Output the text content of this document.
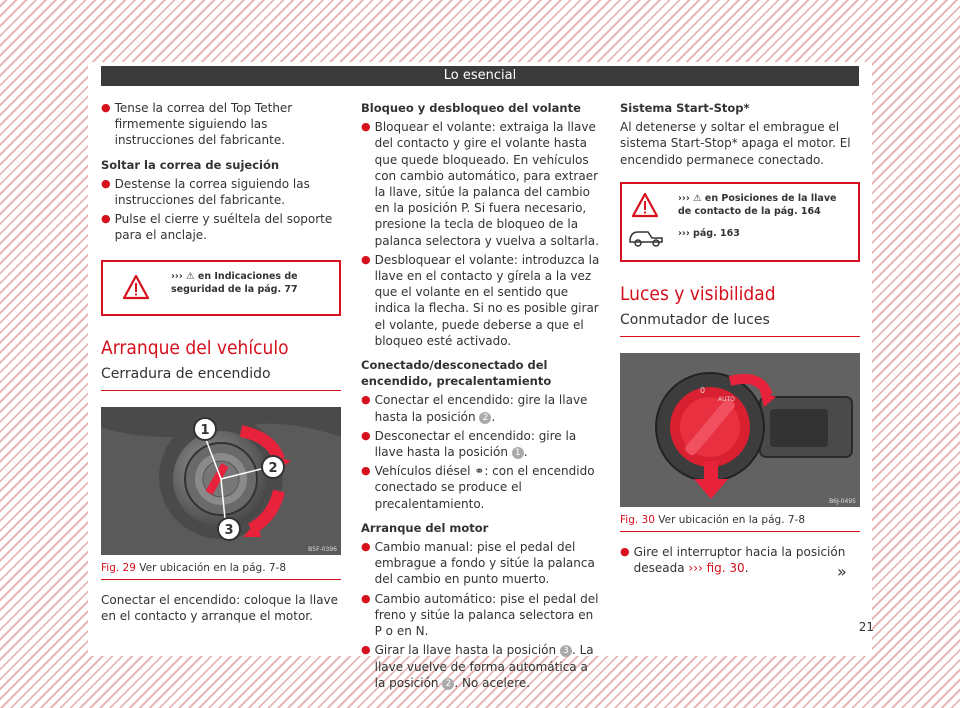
Lo esencial
● Tense la correa del Top Tether firmemente siguiendo las instrucciones del fabricante.
Soltar la correa de sujeción
● Destense la correa siguiendo las instrucciones del fabricante.
● Pulse el cierre y suéltela del soporte para el anclaje.
››› ⚠ en Indicaciones de seguridad de la pág. 77
Arranque del vehículo
Cerradura de encendido
1
2
3
B5F-0396
Fig. 29 Ver ubicación en la pág. 7-8

Conectar el encendido: coloque la llave en el contacto y arranque el motor.

Bloqueo y desbloqueo del volante
● Bloquear el volante: extraiga la llave del contacto y gire el volante hasta que quede bloqueado. En vehículos con cambio automático, para extraer la llave, sitúe la palanca del cambio en la posición P. Si fuera necesario, presione la tecla de bloqueo de la palanca selectora y vuelva a soltarla.
● Desbloquear el volante: introduzca la llave en el contacto y gírela a la vez que el volante en el sentido que indica la flecha. Si no es posible girar el volante, puede deberse a que el bloqueo esté activado.
Conectado/desconectado del encendido, precalentamiento
● Conectar el encendido: gire la llave hasta la posición 2 .
● Desconectar el encendido: gire la llave hasta la posición 1 .
● Vehículos diésel ⚭: con el encendido conectado se produce el precalentamiento.
Arranque del motor
● Cambio manual: pise el pedal del embrague a fondo y sitúe la palanca del cambio en punto muerto.
● Cambio automático: pise el pedal del freno y sitúe la palanca selectora en P o en N.
● Girar la llave hasta la posición 3 . La llave vuelve de forma automática a la posición 2 . No acelere.
Sistema Start-Stop*

Al detenerse y soltar el embrague el sistema Start-Stop* apaga el motor. El encendido permanece conectado.

››› ⚠ en Posiciones de la llave de contacto de la pág. 164
››› pág. 163
Luces y visibilidad
Conmutador de luces
0
AUTO
B6J-0495
Fig. 30 Ver ubicación en la pág. 7-8
● Gire el interruptor hacia la posición deseada ››› fig. 30.	»
21
